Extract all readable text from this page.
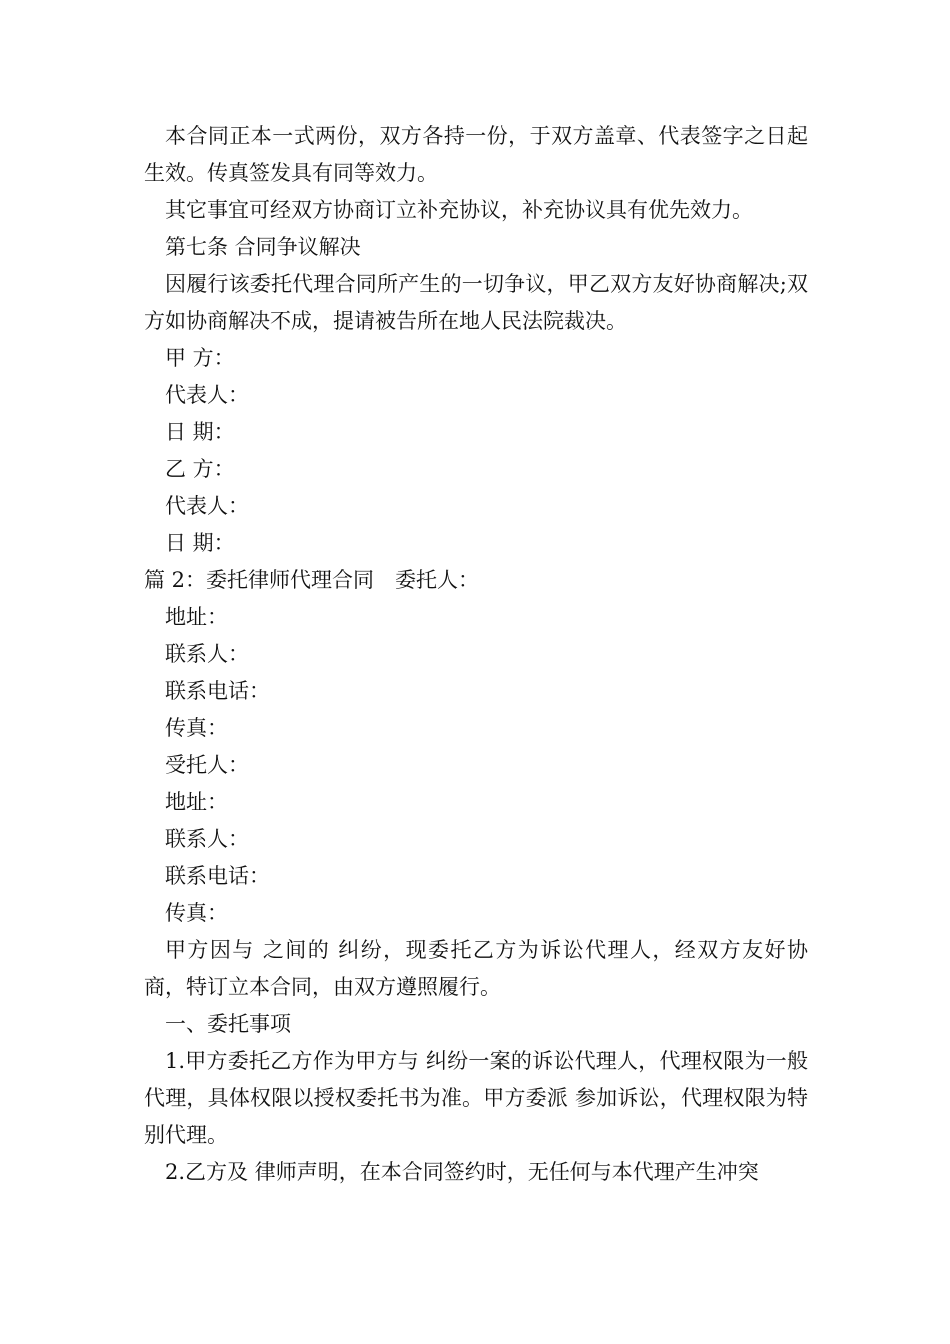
本合同正本一式两份，双方各持一份，于双方盖章、代表签字之日起生效。传真签发具有同等效力。

其它事宜可经双方协商订立补充协议，补充协议具有优先效力。

第七条 合同争议解决

因履行该委托代理合同所产生的一切争议，甲乙双方友好协商解决;双方如协商解决不成，提请被告所在地人民法院裁决。

甲 方：

代表人：

日 期：

乙 方：

代表人：

日 期：

篇 2：委托律师代理合同　委托人：

地址：

联系人：

联系电话：

传真：

受托人：

地址：

联系人：

联系电话：

传真：

甲方因与 之间的 纠纷，现委托乙方为诉讼代理人，经双方友好协商，特订立本合同，由双方遵照履行。

一、委托事项

1.甲方委托乙方作为甲方与 纠纷一案的诉讼代理人，代理权限为一般代理，具体权限以授权委托书为准。甲方委派 参加诉讼，代理权限为特别代理。

2.乙方及 律师声明，在本合同签约时，无任何与本代理产生冲突
